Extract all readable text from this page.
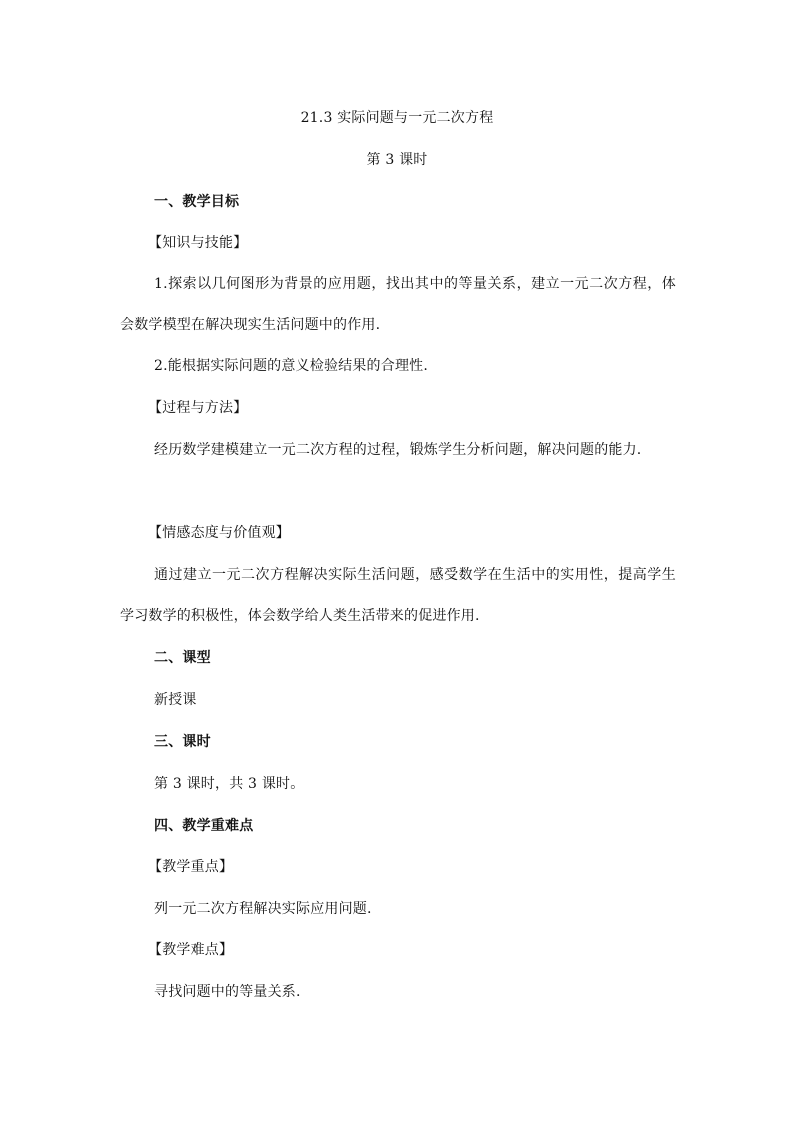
21.3 实际问题与一元二次方程
第 3 课时
一、教学目标
【知识与技能】
1.探索以几何图形为背景的应用题，找出其中的等量关系，建立一元二次方程，体会数学模型在解决现实生活问题中的作用.
2.能根据实际问题的意义检验结果的合理性.
【过程与方法】
经历数学建模建立一元二次方程的过程，锻炼学生分析问题，解决问题的能力.
【情感态度与价值观】
通过建立一元二次方程解决实际生活问题，感受数学在生活中的实用性，提高学生学习数学的积极性，体会数学给人类生活带来的促进作用.
二、课型
新授课
三、课时
第 3 课时，共 3 课时。
四、教学重难点
【教学重点】
列一元二次方程解决实际应用问题.
【教学难点】
寻找问题中的等量关系.
